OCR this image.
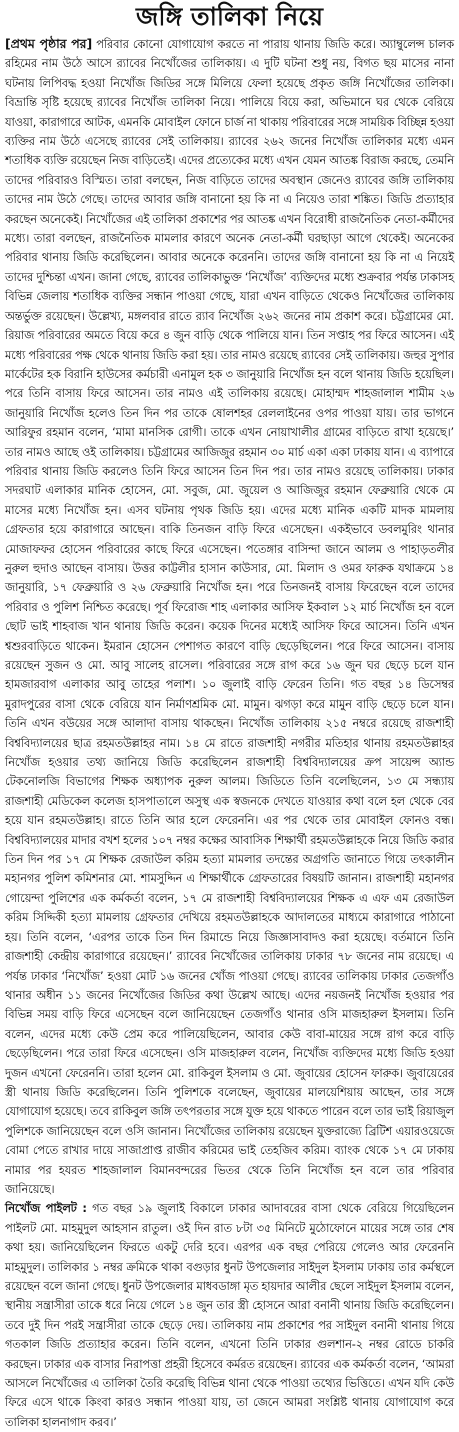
জঙ্গি তালিকা নিয়ে

[প্রথম পৃষ্ঠার পর] পরিবার কোনো যোগাযোগ করতে না পারায় থানায় জিডি করে। অ্যাম্বুলেন্স চালক রহিমের নাম উঠে আসে র‌্যাবের নিখোঁজের তালিকায়। এ দুটি ঘটনা শুধু নয়, বিগত ছয় মাসের নানা ঘটনায় লিপিবদ্ধ হওয়া নিখোঁজ জিডির সঙ্গে মিলিয়ে ফেলা হয়েছে প্রকৃত জঙ্গি নিখোঁজের তালিকা। বিভ্রান্তি সৃষ্টি হয়েছে র‌্যাবের নিখোঁজ তালিকা নিয়ে। পালিয়ে বিয়ে করা, অভিমানে ঘর থেকে বেরিয়ে যাওয়া, কারাগারে আটক, এমনকি মোবাইল ফোনে চার্জ না থাকায় পরিবারের সঙ্গে সাময়িক বিচ্ছিন্ন হওয়া ব্যক্তির নাম উঠে এসেছে র‌্যাবের সেই তালিকায়। র‌্যাবের ২৬২ জনের নিখোঁজ তালিকার মধ্যে এমন শতাধিক ব্যক্তি রয়েছেন নিজ বাড়িতেই। এদের প্রত্যেকের মধ্যে এখন যেমন আতঙ্ক বিরাজ করছে, তেমনি তাদের পরিবারও বিস্মিত। তারা বলছেন, নিজ বাড়িতে তাদের অবস্থান জেনেও র‌্যাবের জঙ্গি তালিকায় তাদের নাম উঠে গেছে। তাদের আবার জঙ্গি বানানো হয় কি না এ নিয়েও তারা শঙ্কিত। জিডি প্রত্যাহার করছেন অনেকেই। নিখোঁজের এই তালিকা প্রকাশের পর আতঙ্ক এখন বিরোধী রাজনৈতিক নেতা-কর্মীদের মধ্যে। তারা বলছেন, রাজনৈতিক মামলার কারণে অনেক নেতা-কর্মী ঘরছাড়া আগে থেকেই। অনেকের পরিবার থানায় জিডি করেছিলেন। আবার অনেকে করেননি। তাদের জঙ্গি বানানো হয় কি না এ নিয়েই তাদের দুশ্চিন্তা এখন। জানা গেছে, র‌্যাবের তালিকাভুক্ত ‘নিখোঁজ’ ব্যক্তিদের মধ্যে শুক্রবার পর্যন্ত ঢাকাসহ বিভিন্ন জেলায় শতাধিক ব্যক্তির সন্ধান পাওয়া গেছে, যারা এখন বাড়িতে থেকেও নিখোঁজের তালিকায় অন্তর্ভুক্ত রয়েছেন। উল্লেখ্য, মঙ্গলবার রাতে র‌্যাব নিখোঁজ ২৬২ জনের নাম প্রকাশ করে। চট্টগ্রামের মো. রিয়াজ পরিবারের অমতে বিয়ে করে ৪ জুন বাড়ি থেকে পালিয়ে যান। তিন সপ্তাহ পর ফিরে আসেন। এই মধ্যে পরিবারের পক্ষ থেকে থানায় জিডি করা হয়। তার নামও রয়েছে র‌্যাবের সেই তালিকায়। জহুর সুপার মার্কেটের হক বিরানি হাউসের কর্মচারী এনামুল হক ৩ জানুয়ারি নিখোঁজ হন বলে থানায় জিডি হয়েছিল। পরে তিনি বাসায় ফিরে আসেন। তার নামও এই তালিকায় রয়েছে। মোহাম্মদ শাহজালাল শামীম ২৬ জানুয়ারি নিখোঁজ হলেও তিন দিন পর তাকে ষোলশহর রেললাইনের ওপর পাওয়া যায়। তার ভাগনে আরিফুর রহমান বলেন, ‘মামা মানসিক রোগী। তাকে এখন নোয়াখালীর গ্রামের বাড়িতে রাখা হয়েছে।’ তার নামও আছে ওই তালিকায়। চট্টগ্রামের আজিজুর রহমান ৩০ মার্চ একা একা ঢাকায় যান। এ ব্যাপারে পরিবার থানায় জিডি করলেও তিনি ফিরে আসেন তিন দিন পর। তার নামও রয়েছে তালিকায়। ঢাকার সদরঘাট এলাকার মানিক হোসেন, মো. সবুজ, মো. জুয়েল ও আজিজুর রহমান ফেব্রুয়ারি থেকে মে মাসের মধ্যে নিখোঁজ হন। এসব ঘটনায় পৃথক জিডি হয়। এদের মধ্যে মানিক একটি মাদক মামলায় গ্রেফতার হয়ে কারাগারে আছেন। বাকি তিনজন বাড়ি ফিরে এসেছেন। একইভাবে ডবলমুরিং থানার মোজাফফর হোসেন পরিবারের কাছে ফিরে এসেছেন। পতেঙ্গার বাসিন্দা জানে আলম ও পাহাড়তলীর নুরুল হুদাও আছেন বাসায়। উত্তর কাট্টলীর হাসান কাউসার, মো. মিলাদ ও ওমর ফারুক যথাক্রমে ১৪ জানুয়ারি, ১৭ ফেব্রুয়ারি ও ২৬ ফেব্রুয়ারি নিখোঁজ হন। পরে তিনজনই বাসায় ফিরেছেন বলে তাদের পরিবার ও পুলিশ নিশ্চিত করেছে। পূর্ব ফিরোজ শাহ এলাকার আসিফ ইকবাল ১২ মার্চ নিখোঁজ হন বলে ছোট ভাই শাহবাজ খান থানায় জিডি করেন। কয়েক দিনের মধ্যেই আসিফ ফিরে আসেন। তিনি এখন শ্বশুরবাড়িতে থাকেন। ইমরান হোসেন পেশাগত কারণে বাড়ি ছেড়েছিলেন। পরে ফিরে আসেন। বাসায় রয়েছেন সুজন ও মো. আবু সালেহ রাসেল। পরিবারের সঙ্গে রাগ করে ১৬ জুন ঘর ছেড়ে চলে যান হামজারবাগ এলাকার আবু তাহের পলাশ। ১০ জুলাই বাড়ি ফেরেন তিনি। গত বছর ১৪ ডিসেম্বর মুরাদপুরের বাসা থেকে বেরিয়ে যান নির্মাণশ্রমিক মো. মামুন। ঝগড়া করে মামুন বাড়ি ছেড়ে চলে যান। তিনি এখন বউয়ের সঙ্গে আলাদা বাসায় থাকছেন। নিখোঁজ তালিকায় ২১৫ নম্বরে রয়েছে রাজশাহী বিশ্ববিদ্যালয়ের ছাত্র রহমতউল্লাহর নাম। ১৪ মে রাতে রাজশাহী নগরীর মতিহার থানায় রহমতউল্লাহর নিখোঁজ হওয়ার তথ্য জানিয়ে জিডি করেছিলেন রাজশাহী বিশ্ববিদ্যালয়ের ক্রপ সায়েন্স অ্যান্ড টেকনোলজি বিভাগের শিক্ষক অধ্যাপক নুরুল আলম। জিডিতে তিনি বলেছিলেন, ১৩ মে সন্ধ্যায় রাজশাহী মেডিকেল কলেজ হাসপাতালে অসুস্থ এক স্বজনকে দেখতে যাওয়ার কথা বলে হল থেকে বের হয়ে যান রহমতউল্লাহ। রাতে তিনি আর হলে ফেরেননি। এর পর থেকে তার মোবাইল ফোনও বন্ধ। বিশ্ববিদ্যালয়ের মাদার বখশ হলের ১০৭ নম্বর কক্ষের আবাসিক শিক্ষার্থী রহমতউল্লাহকে নিয়ে জিডি করার তিন দিন পর ১৭ মে শিক্ষক রেজাউল করিম হত্যা মামলার তদন্তের অগ্রগতি জানাতে গিয়ে তৎকালীন মহানগর পুলিশ কমিশনার মো. শামসুদ্দিন এ শিক্ষার্থীকে গ্রেফতারের বিষয়টি জানান। রাজশাহী মহানগর গোয়েন্দা পুলিশের এক কর্মকর্তা বলেন, ১৭ মে রাজশাহী বিশ্ববিদ্যালয়ের শিক্ষক এ এফ এম রেজাউল করিম সিদ্দিকী হত্যা মামলায় গ্রেফতার দেখিয়ে রহমতউল্লাহকে আদালতের মাধ্যমে কারাগারে পাঠানো হয়। তিনি বলেন, ‘এরপর তাকে তিন দিন রিমান্ডে নিয়ে জিজ্ঞাসাবাদও করা হয়েছে। বর্তমানে তিনি রাজশাহী কেন্দ্রীয় কারাগারে রয়েছেন।’ র‌্যাবের নিখোঁজের তালিকায় ঢাকার ৭৮ জনের নাম রয়েছে। এ পর্যন্ত ঢাকার ‘নিখোঁজ’ হওয়া মোট ১৬ জনের খোঁজ পাওয়া গেছে। র‌্যাবের তালিকায় ঢাকার তেজগাঁও থানার অধীন ১১ জনের নিখোঁজের জিডির কথা উল্লেখ আছে। এদের নয়জনই নিখোঁজ হওয়ার পর বিভিন্ন সময় বাড়ি ফিরে এসেছেন বলে জানিয়েছেন তেজগাঁও থানার ওসি মাজহারুল ইসলাম। তিনি বলেন, এদের মধ্যে কেউ প্রেম করে পালিয়েছিলেন, আবার কেউ বাবা-মায়ের সঙ্গে রাগ করে বাড়ি ছেড়েছিলেন। পরে তারা ফিরে এসেছেন। ওসি মাজহারুল বলেন, নিখোঁজ ব্যক্তিদের মধ্যে জিডি হওয়া দুজন এখনো ফেরেননি। তারা হলেন মো. রাকিবুল ইসলাম ও মো. জুবায়ের হোসেন ফারুক। জুবায়েরের স্ত্রী থানায় জিডি করেছিলেন। তিনি পুলিশকে বলেছেন, জুবায়ের মালয়েশিয়ায় আছেন, তার সঙ্গে যোগাযোগ হয়েছে। তবে রাকিবুল জঙ্গি তৎপরতার সঙ্গে যুক্ত হয়ে থাকতে পারেন বলে তার ভাই রিয়াজুল পুলিশকে জানিয়েছেন বলে ওসি জানান। নিখোঁজের তালিকায় রয়েছেন যুক্তরাজ্যে ব্রিটিশ এয়ারওয়েজে বোমা পেতে রাখার দায়ে সাজাপ্রাপ্ত রাজীব করিমের ভাই তেহজিব করিম। ব্যাংক থেকে ১৭ মে ঢাকায় নামার পর হযরত শাহজালাল বিমানবন্দরের ভিতর থেকে তিনি নিখোঁজ হন বলে তার পরিবার জানিয়েছে।

নিখোঁজ পাইলট : গত বছর ১৯ জুলাই বিকালে ঢাকার আদাবরের বাসা থেকে বেরিয়ে গিয়েছিলেন পাইলট মো. মাহমুদুল আহসান রাতুল। ওই দিন রাত ৮টা ৩৫ মিনিটে মুঠোফোনে মায়ের সঙ্গে তার শেষ কথা হয়। জানিয়েছিলেন ফিরতে একটু দেরি হবে। এরপর এক বছর পেরিয়ে গেলেও আর ফেরেননি মাহমুদুল। তালিকার ১ নম্বর ক্রমিকে থাকা বগুড়ার ধুনট উপজেলার সাইদুল ইসলাম ঢাকায় তার কর্মস্থলে রয়েছেন বলে জানা গেছে। ধুনট উপজেলার মাধবডাঙ্গা মৃত হায়দার আলীর ছেলে সাইদুল ইসলাম বলেন, স্থানীয় সন্ত্রাসীরা তাকে ধরে নিয়ে গেলে ১৪ জুন তার স্ত্রী হোসনে আরা বনানী থানায় জিডি করেছিলেন। তবে দুই দিন পরই সন্ত্রাসীরা তাকে ছেড়ে দেয়। তালিকায় নাম প্রকাশের পর সাইদুল বনানী থানায় গিয়ে গতকাল জিডি প্রত্যাহার করেন। তিনি বলেন, এখনো তিনি ঢাকার গুলশান-২ নম্বর রোডে চাকরি করছেন। ঢাকার এক বাসার নিরাপত্তা প্রহরী হিসেবে কর্মরত রয়েছেন। র‌্যাবের এক কর্মকর্তা বলেন, ‘আমরা আসলে নিখোঁজের এ তালিকা তৈরি করেছি বিভিন্ন থানা থেকে পাওয়া তথ্যের ভিত্তিতে। এখন যদি কেউ ফিরে এসে থাকে কিংবা কারও সন্ধান পাওয়া যায়, তা জেনে আমরা সংশ্লিষ্ট থানায় যোগাযোগ করে তালিকা হালনাগাদ করব।’
